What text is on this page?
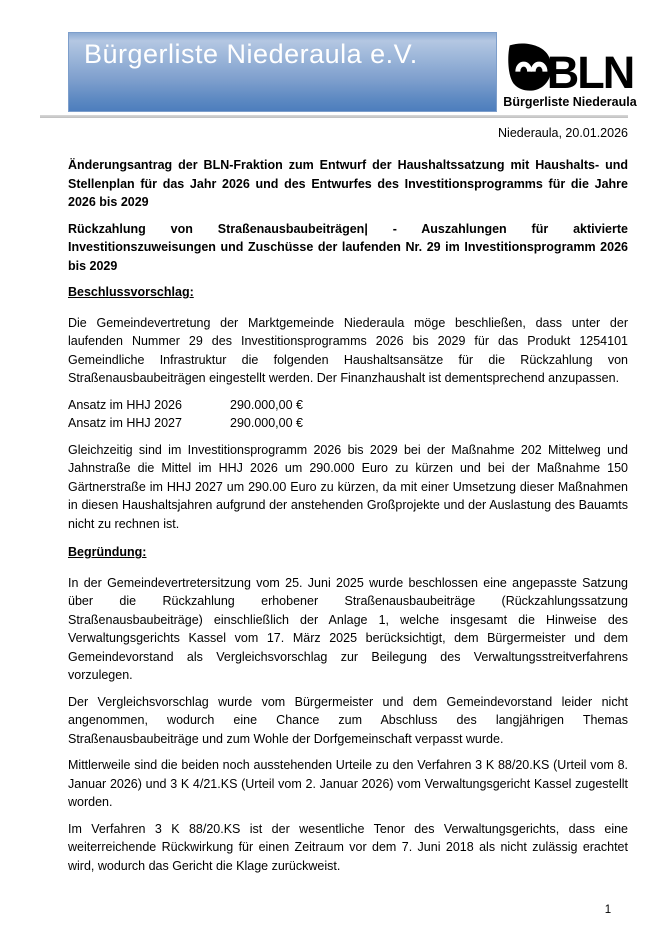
Bürgerliste Niederaula e.V.	BLN
Bürgerliste Niederaula
Niederaula, 20.01.2026

Änderungsantrag der BLN-Fraktion zum Entwurf der Haushaltssatzung mit Haushalts- und Stellenplan für das Jahr 2026 und des Entwurfes des Investitionsprogramms für die Jahre 2026 bis 2029

Rückzahlung von Straßenausbaubeiträgen| - Auszahlungen für aktivierte Investitionszuweisungen und Zuschüsse der laufenden Nr. 29 im Investitionsprogramm 2026 bis 2029

Beschlussvorschlag:

Die Gemeindevertretung der Marktgemeinde Niederaula möge beschließen, dass unter der laufenden Nummer 29 des Investitionsprogramms 2026 bis 2029 für das Produkt 1254101 Gemeindliche Infrastruktur die folgenden Haushaltsansätze für die Rückzahlung von Straßenausbaubeiträgen eingestellt werden. Der Finanzhaushalt ist dementsprechend anzupassen.

Ansatz im HHJ 2026	290.000,00 €
Ansatz im HHJ 2027	290.000,00 €

Gleichzeitig sind im Investitionsprogramm 2026 bis 2029 bei der Maßnahme 202 Mittelweg und Jahnstraße die Mittel im HHJ 2026 um 290.000 Euro zu kürzen und bei der Maßnahme 150 Gärtnerstraße im HHJ 2027 um 290.00 Euro zu kürzen, da mit einer Umsetzung dieser Maßnahmen in diesen Haushaltsjahren aufgrund der anstehenden Großprojekte und der Auslastung des Bauamts nicht zu rechnen ist.

Begründung:

In der Gemeindevertretersitzung vom 25. Juni 2025 wurde beschlossen eine angepasste Satzung über die Rückzahlung erhobener Straßenausbaubeiträge (Rückzahlungssatzung Straßenausbaubeiträge) einschließlich der Anlage 1, welche insgesamt die Hinweise des Verwaltungsgerichts Kassel vom 17. März 2025 berücksichtigt, dem Bürgermeister und dem Gemeindevorstand als Vergleichsvorschlag zur Beilegung des Verwaltungsstreitverfahrens vorzulegen.

Der Vergleichsvorschlag wurde vom Bürgermeister und dem Gemeindevorstand leider nicht angenommen, wodurch eine Chance zum Abschluss des langjährigen Themas Straßenausbaubeiträge und zum Wohle der Dorfgemeinschaft verpasst wurde.

Mittlerweile sind die beiden noch ausstehenden Urteile zu den Verfahren 3 K 88/20.KS (Urteil vom 8. Januar 2026) und 3 K 4/21.KS (Urteil vom 2. Januar 2026) vom Verwaltungsgericht Kassel zugestellt worden.

Im Verfahren 3 K 88/20.KS ist der wesentliche Tenor des Verwaltungsgerichts, dass eine weiterreichende Rückwirkung für einen Zeitraum vor dem 7. Juni 2018 als nicht zulässig erachtet wird, wodurch das Gericht die Klage zurückweist.

1
